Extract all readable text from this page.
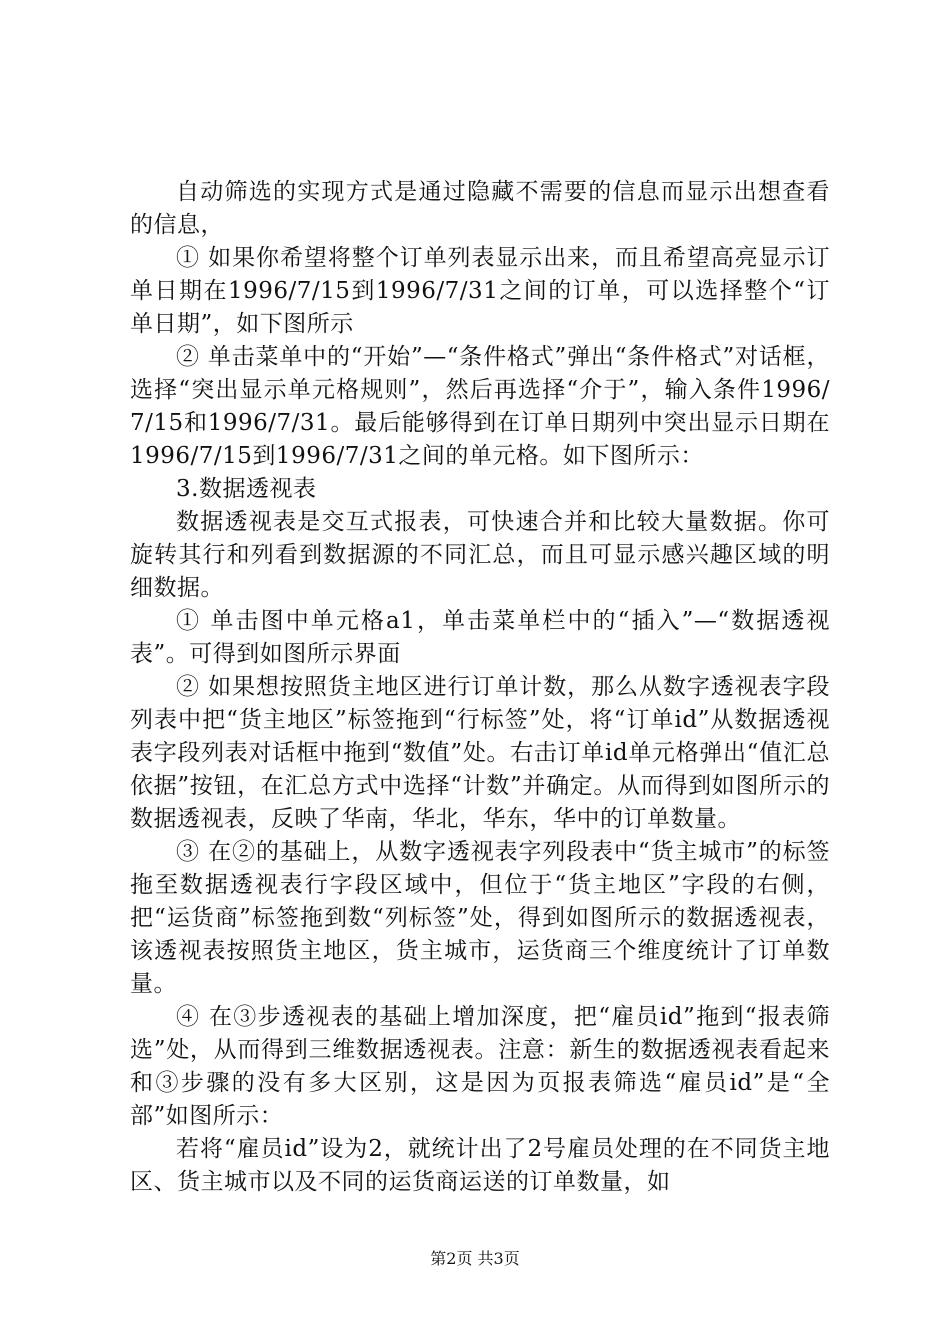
自动筛选的实现方式是通过隐藏不需要的信息而显示出想查看的信息，

① 如果你希望将整个订单列表显示出来，而且希望高亮显示订单日期在1996/7/15到1996/7/31之间的订单，可以选择整个“订单日期”，如下图所示

② 单击菜单中的“开始”—“条件格式”弹出“条件格式”对话框，选择“突出显示单元格规则”，然后再选择“介于”，输入条件1996/7/15和1996/7/31。最后能够得到在订单日期列中突出显示日期在1996/7/15到1996/7/31之间的单元格。如下图所示：

3.数据透视表

数据透视表是交互式报表，可快速合并和比较大量数据。你可旋转其行和列看到数据源的不同汇总，而且可显示感兴趣区域的明细数据。

① 单击图中单元格a1，单击菜单栏中的“插入”—“数据透视表”。可得到如图所示界面

② 如果想按照货主地区进行订单计数，那么从数字透视表字段列表中把“货主地区”标签拖到“行标签”处，将“订单id”从数据透视表字段列表对话框中拖到“数值”处。右击订单id单元格弹出“值汇总依据”按钮，在汇总方式中选择“计数”并确定。从而得到如图所示的数据透视表，反映了华南，华北，华东，华中的订单数量。

③ 在②的基础上，从数字透视表字列段表中“货主城市”的标签拖至数据透视表行字段区域中，但位于“货主地区”字段的右侧，把“运货商”标签拖到数“列标签”处，得到如图所示的数据透视表，该透视表按照货主地区，货主城市，运货商三个维度统计了订单数量。

④ 在③步透视表的基础上增加深度，把“雇员id”拖到“报表筛选”处，从而得到三维数据透视表。注意：新生的数据透视表看起来和③步骤的没有多大区别，这是因为页报表筛选“雇员id”是“全部”如图所示：

若将“雇员id”设为2，就统计出了2号雇员处理的在不同货主地区、货主城市以及不同的运货商运送的订单数量，如

第2页 共3页
